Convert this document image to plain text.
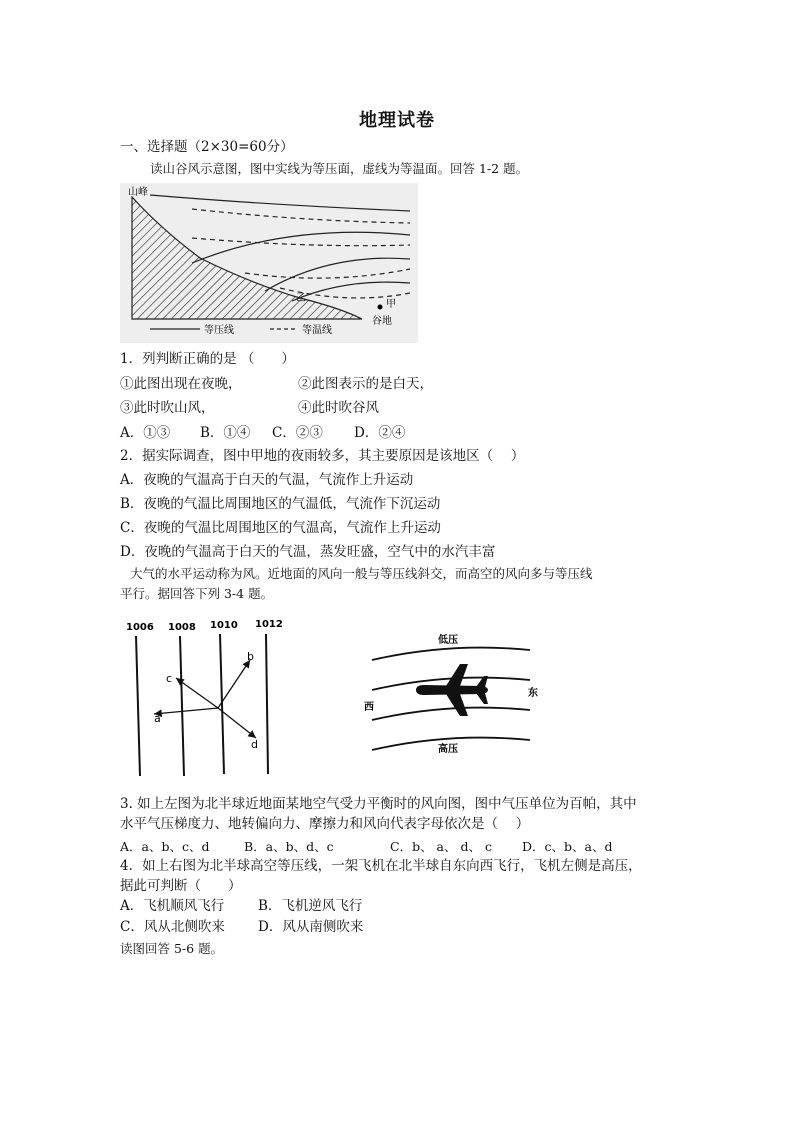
地理试卷
一、选择题（2×30=60分）
读山谷风示意图，图中实线为等压面，虚线为等温面。回答 1-2 题。
山峰
甲
乙
谷地
等压线	等温线
1．列判断正确的是 （　　）
①此图出现在夜晚，	②此图表示的是白天，
③此时吹山风，	④此时吹谷风
A．①③ B．①④ C．②③ D．②④
2．据实际调查，图中甲地的夜雨较多，其主要原因是该地区（　 ）
A．夜晚的气温高于白天的气温，气流作上升运动
B．夜晚的气温比周围地区的气温低，气流作下沉运动
C．夜晚的气温比周围地区的气温高，气流作上升运动
D．夜晚的气温高于白天的气温，蒸发旺盛，空气中的水汽丰富
大气的水平运动称为风。近地面的风向一般与等压线斜交，而高空的风向多与等压线
平行。据回答下列 3-4 题。
1006 1008 1010 1012
a
b
c
d
低压
高压
西
东
3. 如上左图为北半球近地面某地空气受力平衡时的风向图，图中气压单位为百帕，其中
水平气压梯度力、地转偏向力、摩擦力和风向代表字母依次是（　 ）
A．a、b、c、d	B．a、b、d、c	C．b、 a、 d、 c D．c、b、a、d
4．如上右图为北半球高空等压线，一架飞机在北半球自东向西飞行，飞机左侧是高压，
据此可判断（　　）
A．飞机顺风飞行	B．飞机逆风飞行
C．风从北侧吹来 D．风从南侧吹来
读图回答 5-6 题。
